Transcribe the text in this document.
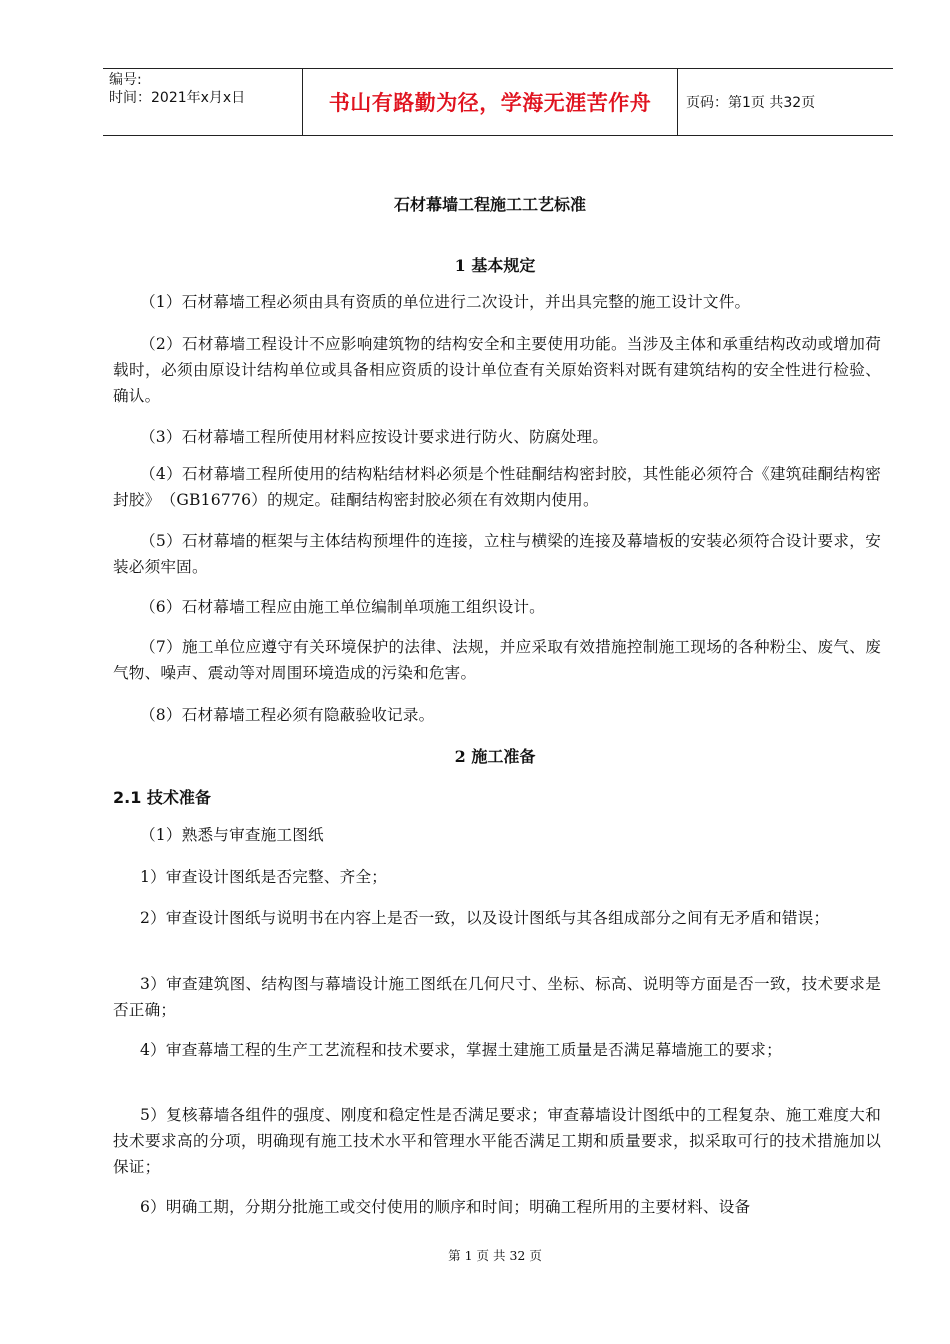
编号:
时间：2021年x月x日	书山有路勤为径，学海无涯苦作舟 页码：第1页 共32页
石材幕墙工程施工工艺标准
1 基本规定
（1）石材幕墙工程必须由具有资质的单位进行二次设计，并出具完整的施工设计文件。
（2）石材幕墙工程设计不应影响建筑物的结构安全和主要使用功能。当涉及主体和承重结构改动或增加荷载时，必须由原设计结构单位或具备相应资质的设计单位查有关原始资料对既有建筑结构的安全性进行检验、确认。
（3）石材幕墙工程所使用材料应按设计要求进行防火、防腐处理。
（4）石材幕墙工程所使用的结构粘结材料必须是个性硅酮结构密封胶，其性能必须符合《建筑硅酮结构密封胶》　（GB16776）的规定。硅酮结构密封胶必须在有效期内使用。
（5）石材幕墙的框架与主体结构预埋件的连接，立柱与横梁的连接及幕墙板的安装必须符合设计要求，安装必须牢固。
（6）石材幕墙工程应由施工单位编制单项施工组织设计。
（7）施工单位应遵守有关环境保护的法律、法规，并应采取有效措施控制施工现场的各种粉尘、废气、废气物、噪声、震动等对周围环境造成的污染和危害。
（8）石材幕墙工程必须有隐蔽验收记录。
2 施工准备
2.1 技术准备
（1）熟悉与审查施工图纸
1）审查设计图纸是否完整、齐全；
2）审查设计图纸与说明书在内容上是否一致，以及设计图纸与其各组成部分之间有无矛盾和错误；
3）审查建筑图、结构图与幕墙设计施工图纸在几何尺寸、坐标、标高、说明等方面是否一致，技术要求是否正确；
4）审查幕墙工程的生产工艺流程和技术要求，掌握土建施工质量是否满足幕墙施工的要求；
5）复核幕墙各组件的强度、刚度和稳定性是否满足要求；审查幕墙设计图纸中的工程复杂、施工难度大和技术要求高的分项，明确现有施工技术水平和管理水平能否满足工期和质量要求，拟采取可行的技术措施加以保证；
6）明确工期，分期分批施工或交付使用的顺序和时间；明确工程所用的主要材料、设备
第 1 页 共 32 页
